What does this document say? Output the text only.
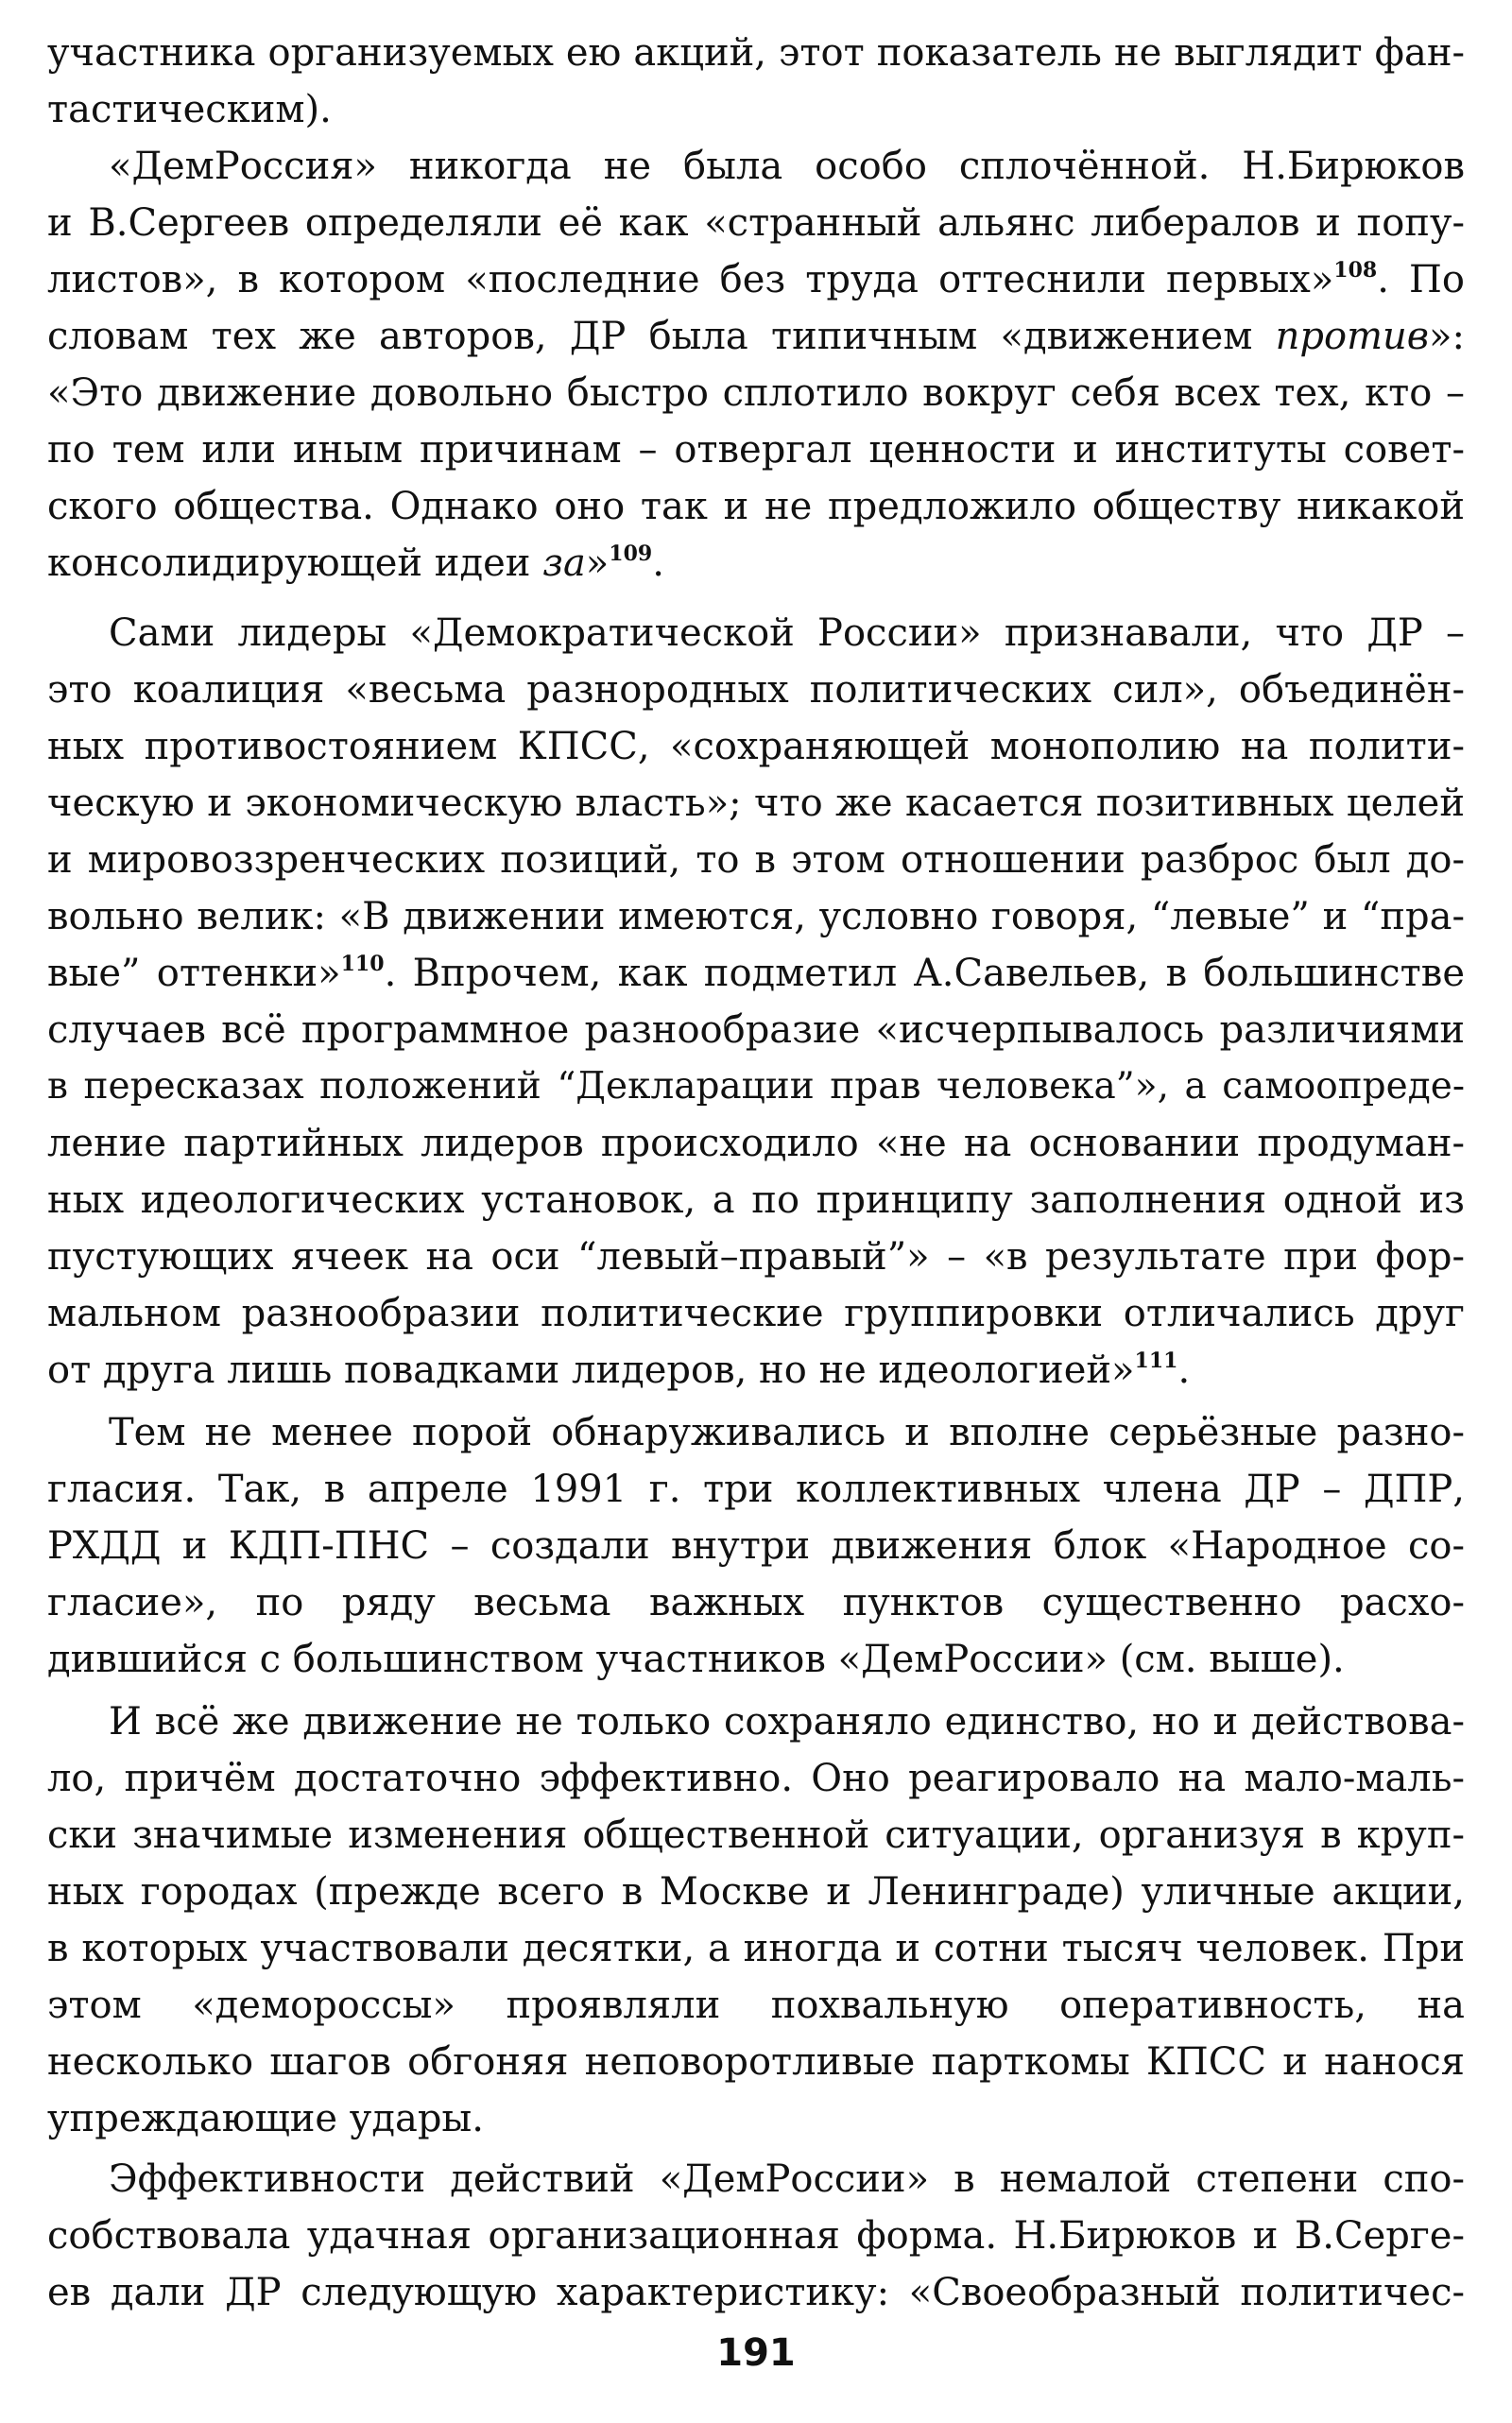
участника организуемых ею акций, этот показатель не выглядит фан-
тастическим).
«ДемРоссия» никогда не была особо сплочённой. Н.Бирюков
и В.Сергеев определяли её как «странный альянс либералов и попу-
листов», в котором «последние без труда оттеснили первых»$^{108}$. По
словам тех же авторов, ДР была типичным «движением против»:
«Это движение довольно быстро сплотило вокруг себя всех тех, кто –
по тем или иным причинам – отвергал ценности и институты совет-
ского общества. Однако оно так и не предложило обществу никакой
консолидирующей идеи за»$^{109}$.
Сами лидеры «Демократической России» признавали, что ДР –
это коалиция «весьма разнородных политических сил», объединён-
ных противостоянием КПСС, «сохраняющей монополию на полити-
ческую и экономическую власть»; что же касается позитивных целей
и мировоззренческих позиций, то в этом отношении разброс был до-
вольно велик: «В движении имеются, условно говоря, “левые” и “пра-
вые” оттенки»$^{110}$. Впрочем, как подметил А.Савельев, в большинстве
случаев всё программное разнообразие «исчерпывалось различиями
в пересказах положений “Декларации прав человека”», а самоопреде-
ление партийных лидеров происходило «не на основании продуман-
ных идеологических установок, а по принципу заполнения одной из
пустующих ячеек на оси “левый–правый”» – «в результате при фор-
мальном разнообразии политические группировки отличались друг
от друга лишь повадками лидеров, но не идеологией»$^{111}$.
Тем не менее порой обнаруживались и вполне серьёзные разно-
гласия. Так, в апреле 1991 г. три коллективных члена ДР – ДПР,
РХДД и КДП-ПНС – создали внутри движения блок «Народное со-
гласие», по ряду весьма важных пунктов существенно расхо-
дившийся с большинством участников «ДемРоссии» (см. выше).
И всё же движение не только сохраняло единство, но и действова-
ло, причём достаточно эффективно. Оно реагировало на мало-маль-
ски значимые изменения общественной ситуации, организуя в круп-
ных городах (прежде всего в Москве и Ленинграде) уличные акции,
в которых участвовали десятки, а иногда и сотни тысяч человек. При
этом «демороссы» проявляли похвальную оперативность, на
несколько шагов обгоняя неповоротливые парткомы КПСС и нанося
упреждающие удары.
Эффективности действий «ДемРоссии» в немалой степени спо-
собствовала удачная организационная форма. Н.Бирюков и В.Серге-
ев дали ДР следующую характеристику: «Своеобразный политичес-
191
